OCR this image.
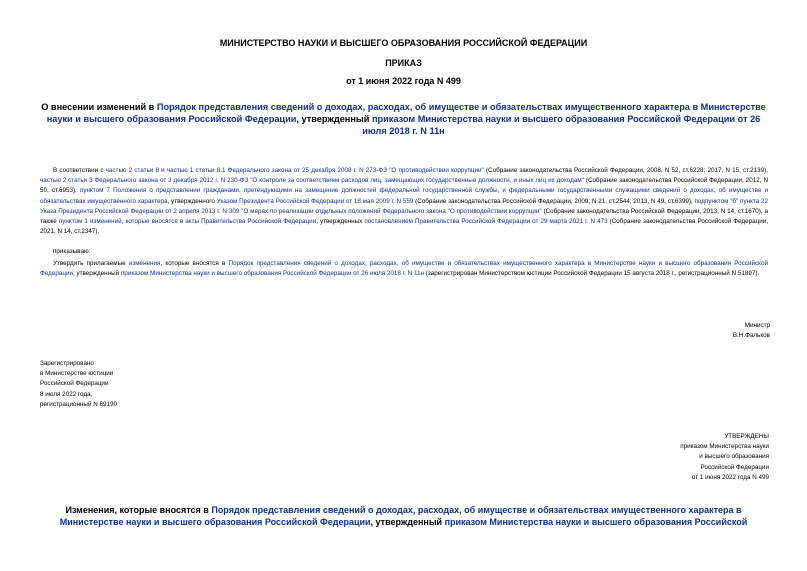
МИНИСТЕРСТВО НАУКИ И ВЫСШЕГО ОБРАЗОВАНИЯ РОССИЙСКОЙ ФЕДЕРАЦИИ
ПРИКАЗ
от 1 июня 2022 года N 499
О внесении изменений в Порядок представления сведений о доходах, расходах, об имуществе и обязательствах имущественного характера в Министерстве науки и высшего образования Российской Федерации, утвержденный приказом Министерства науки и высшего образования Российской Федерации от 26 июля 2018 г. N 11н

В соответствии с частью 2 статьи 8 и частью 1 статьи 8.1 Федерального закона от 25 декабря 2008 г. N 273-ФЗ "О противодействии коррупции" (Собрание законодательства Российской Федерации, 2008, N 52, ст.6228; 2017, N 15, ст.2139), частью 2 статьи 3 Федерального закона от 3 декабря 2012 г. N 230-ФЗ "О контроле за соответствием расходов лиц, замещающих государственные должности, и иных лиц их доходам" (Собрание законодательства Российской Федерации, 2012, N 50, ст.6953), пунктом 7 Положения о представлении гражданами, претендующими на замещение должностей федеральной государственной службы, и федеральными государственными служащими сведений о доходах, об имуществе и обязательствах имущественного характера, утвержденного Указом Президента Российской Федерации от 18 мая 2009 г. N 559 (Собрание законодательства Российской Федерации, 2009, N 21, ст.2544; 2013, N 49, ст.6399), подпунктом "б" пункта 22 Указа Президента Российской Федерации от 2 апреля 2013 г. N 309 "О мерах по реализации отдельных положений Федерального закона "О противодействии коррупции" (Собрание законодательства Российской Федерации, 2013, N 14, ст.1670), а также пунктом 1 изменений, которые вносятся в акты Правительства Российской Федерации, утвержденных постановлением Правительства Российской Федерации от 29 марта 2021 г. N 473 (Собрание законодательства Российской Федерации, 2021, N 14, ст.2347),

приказываю:

Утвердить прилагаемые изменения, которые вносятся в Порядок представления сведений о доходах, расходах, об имуществе и обязательствах имущественного характера в Министерстве науки и высшего образования Российской Федерации, утвержденный приказом Министерства науки и высшего образования Российской Федерации от 26 июля 2018 г. N 11н (зарегистрирован Министерством юстиции Российской Федерации 15 августа 2018 г., регистрационный N 51897).

Министр
В.Н.Фальков
Зарегистрировано
в Министерстве юстиции
Российской Федерации
8 июля 2022 года,
регистрационный N 69190
УТВЕРЖДЕНЫ
приказом Министерства науки
и высшего образования
Российской Федерации
от 1 июня 2022 года N 499
Изменения, которые вносятся в Порядок представления сведений о доходах, расходах, об имуществе и обязательствах имущественного характера в Министерстве науки и высшего образования Российской Федерации, утвержденный приказом Министерства науки и высшего образования Российской
